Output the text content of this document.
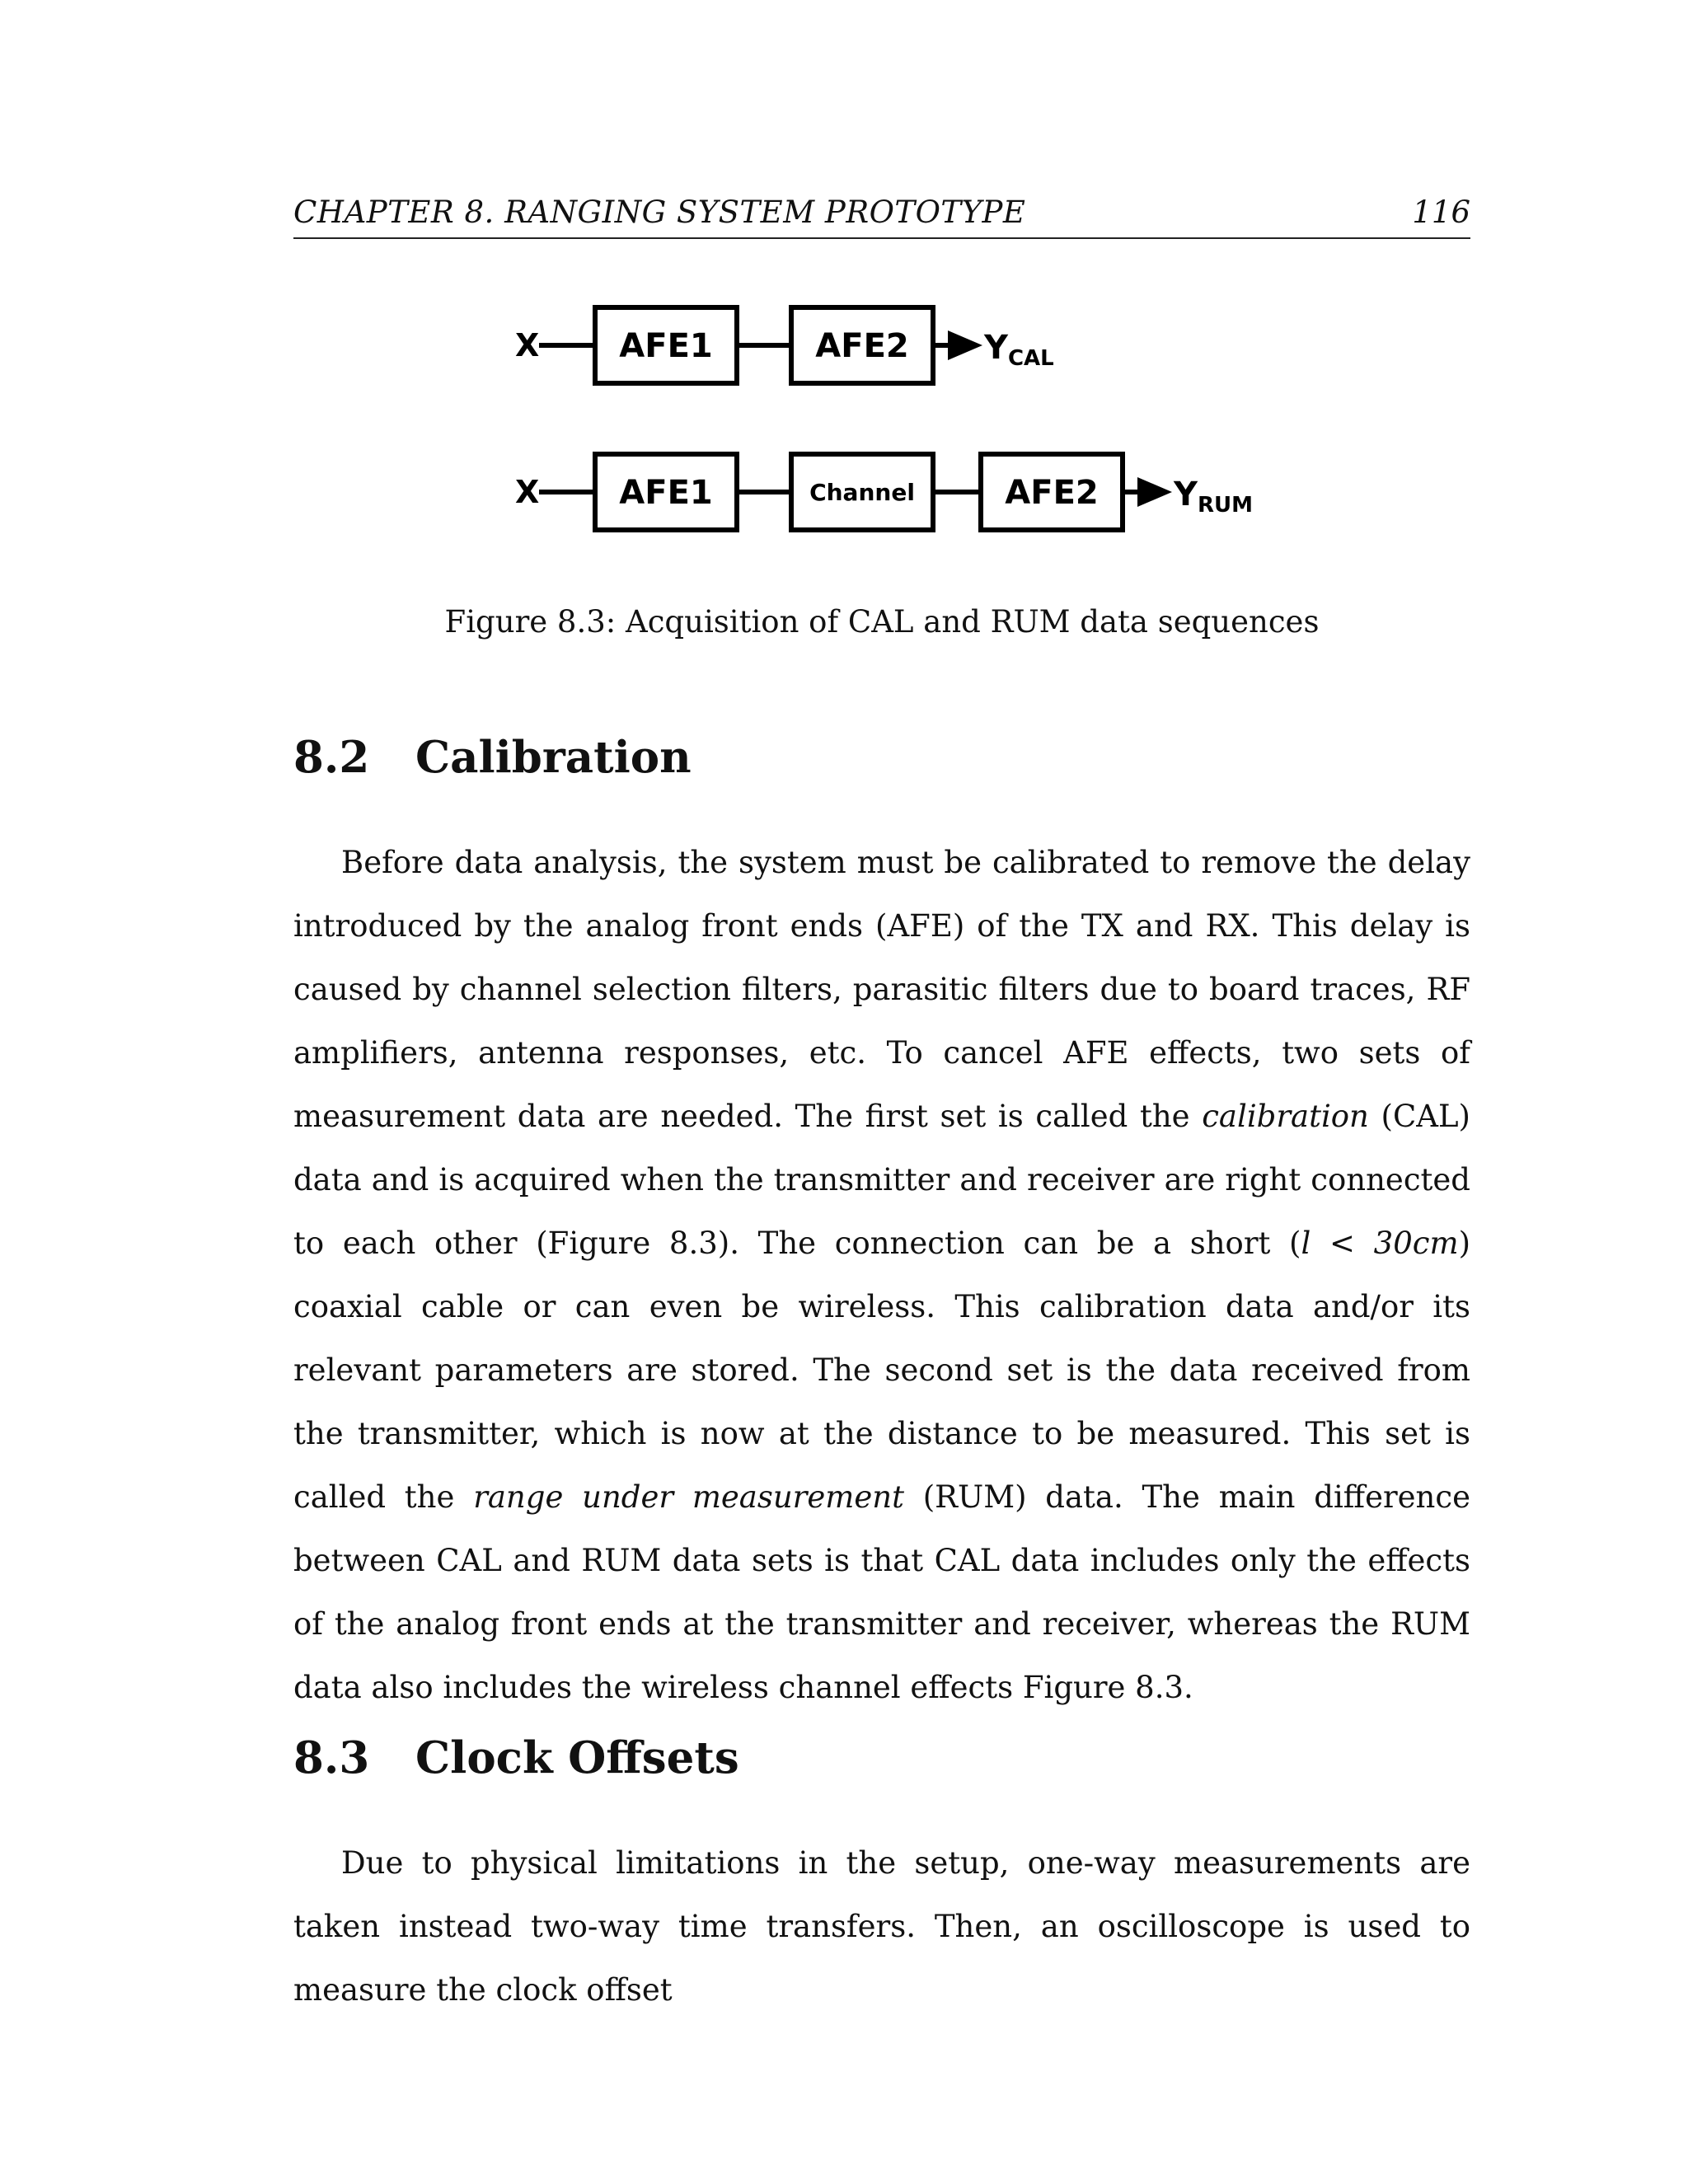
CHAPTER 8. RANGING SYSTEM PROTOTYPE	116
X AFE1	AFE2 $Y_{CAL}$
X AFE1	Channel	AFE2 $Y_{RUM}$
Figure 8.3: Acquisition of CAL and RUM data sequences
8.2 Calibration

Before data analysis, the system must be calibrated to remove the delay introduced by the analog front ends (AFE) of the TX and RX. This delay is caused by channel selection filters, parasitic filters due to board traces, RF amplifiers, antenna responses, etc. To cancel AFE effects, two sets of measurement data are needed. The first set is called the calibration (CAL) data and is acquired when the transmitter and receiver are right connected to each other (Figure 8.3). The connection can be a short (l < 30cm) coaxial cable or can even be wireless. This calibration data and/or its relevant parameters are stored. The second set is the data received from the transmitter, which is now at the distance to be measured. This set is called the range under measurement (RUM) data. The main difference between CAL and RUM data sets is that CAL data includes only the effects of the analog front ends at the transmitter and receiver, whereas the RUM data also includes the wireless channel effects Figure 8.3.

8.3 Clock Offsets

Due to physical limitations in the setup, one-way measurements are taken instead two-way time transfers. Then, an oscilloscope is used to measure the clock offset
